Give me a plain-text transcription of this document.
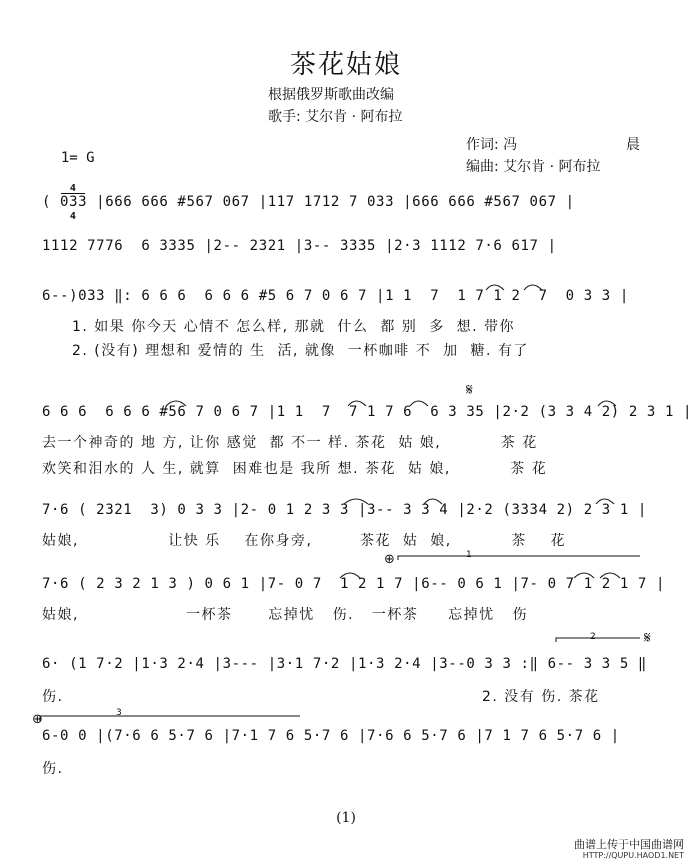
茶花姑娘
根据俄罗斯歌曲改编
歌手: 艾尔肯 · 阿布拉

1= G

$\frac{4}{4}$

作词: 冯	晨
编曲: 艾尔肯 · 阿布拉
( 033 |666 666 #567 067 |117 1712 7 033 |666 666 #567 067 |
1112 7776  6 3335 |2-- 2321 |3-- 3335 |2·3 1112 7·6 617 |
6--)033 ‖: 6 6 6  6 6 6 #5 6 7 0 6 7 |1 1  7  1 7 1 2  7  0 3 3 |
1. 如果 你今天 心情不 怎么样, 那就  什么  都 别  多  想. 带你
2. (没有) 理想和 爱情的 生  活, 就像  一杯咖啡 不  加  糖. 有了
6 6 6  6 6 6 #56 7 0 6 7 |1 1  7  7 1 7 6  6 3 35 |2·2 (3 3 4 2) 2 3 1 |
去一个神奇的 地 方, 让你 感觉  都 不一 样. 茶花  姑 娘,          茶 花
欢笑和泪水的 人 生, 就算  困难也是 我所 想. 茶花  姑 娘,          茶 花
7·6 ( 2321  3) 0 3 3 |2- 0 1 2 3 3 |3-- 3 3 4 |2·2 (3334 2) 2 3 1 |
姑娘,               让快 乐    在你身旁,        茶花  姑  娘,          茶    花
7·6 ( 2 3 2 1 3 ) 0 6 1 |7- 0 7  1 2 1 7 |6-- 0 6 1 |7- 0 7 1 2 1 7 |
姑娘,                  一杯茶      忘掉忧   伤.   一杯茶     忘掉忧   伤
6· (1 7·2 |1·3 2·4 |3--- |3·1 7·2 |1·3 2·4 |3--0 3 3 :‖ 6-- 3 3 5 ‖
伤.	2. 没有 伤. 茶花
6-0 0 |(7·6 6 5·7 6 |7·1 7 6 5·7 6 |7·6 6 5·7 6 |7 1 7 6 5·7 6 |
伤.
𝄋
𝄋
⊕
⊕
1
2
3
(1)
曲谱上传于中国曲谱网
HTTP://QUPU.HAOD1.NET
